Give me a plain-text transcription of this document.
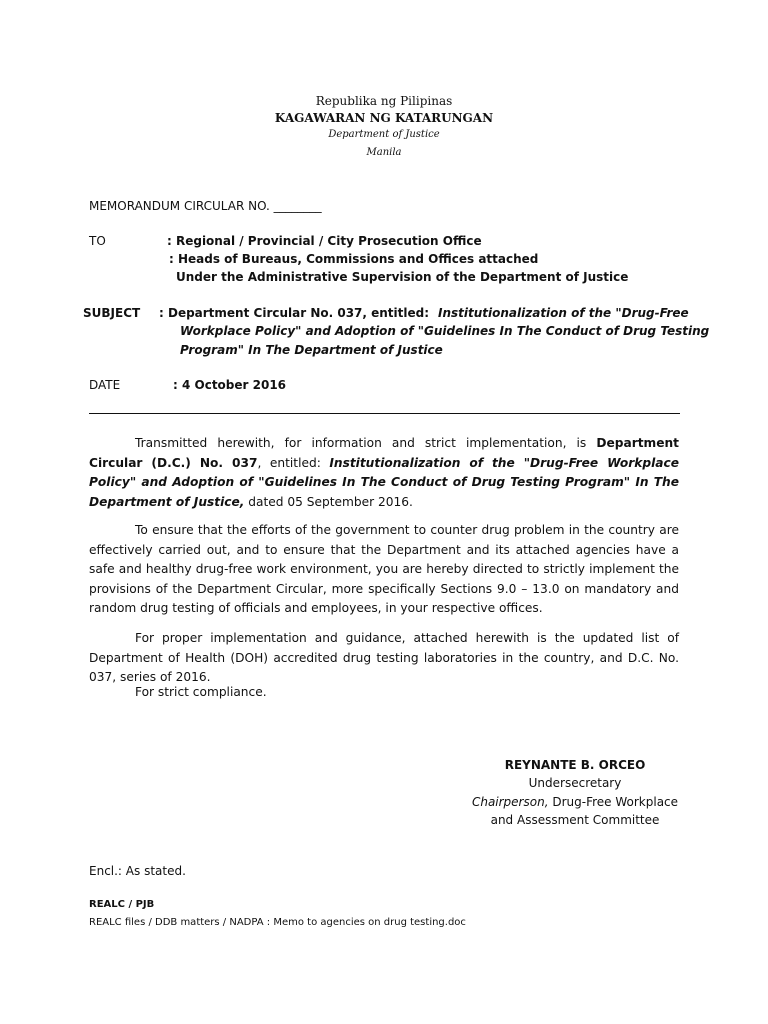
Republika ng Pilipinas
KAGAWARAN NG KATARUNGAN
Department of Justice
Manila
MEMORANDUM CIRCULAR NO. ________
TO	: Regional / Provincial / City Prosecution Office
: Heads of Bureaus, Commissions and Offices attached
Under the Administrative Supervision of the Department of Justice
SUBJECT : Department Circular No. 037, entitled: Institutionalization of the "Drug-Free
Workplace Policy" and Adoption of "Guidelines In The Conduct of Drug Testing
Program" In The Department of Justice
DATE	: 4 October 2016
Transmitted herewith, for information and strict implementation, is Department Circular (D.C.) No. 037, entitled: Institutionalization of the "Drug-Free Workplace Policy" and Adoption of "Guidelines In The Conduct of Drug Testing Program" In The Department of Justice, dated 05 September 2016.
To ensure that the efforts of the government to counter drug problem in the country are effectively carried out, and to ensure that the Department and its attached agencies have a safe and healthy drug-free work environment, you are hereby directed to strictly implement the provisions of the Department Circular, more specifically Sections 9.0 – 13.0 on mandatory and random drug testing of officials and employees, in your respective offices.
For proper implementation and guidance, attached herewith is the updated list of Department of Health (DOH) accredited drug testing laboratories in the country, and D.C. No. 037, series of 2016.
For strict compliance.
REYNANTE B. ORCEO
Undersecretary
Chairperson, Drug-Free Workplace
and Assessment Committee
Encl.: As stated.
REALC / PJB
REALC files / DDB matters / NADPA : Memo to agencies on drug testing.doc
